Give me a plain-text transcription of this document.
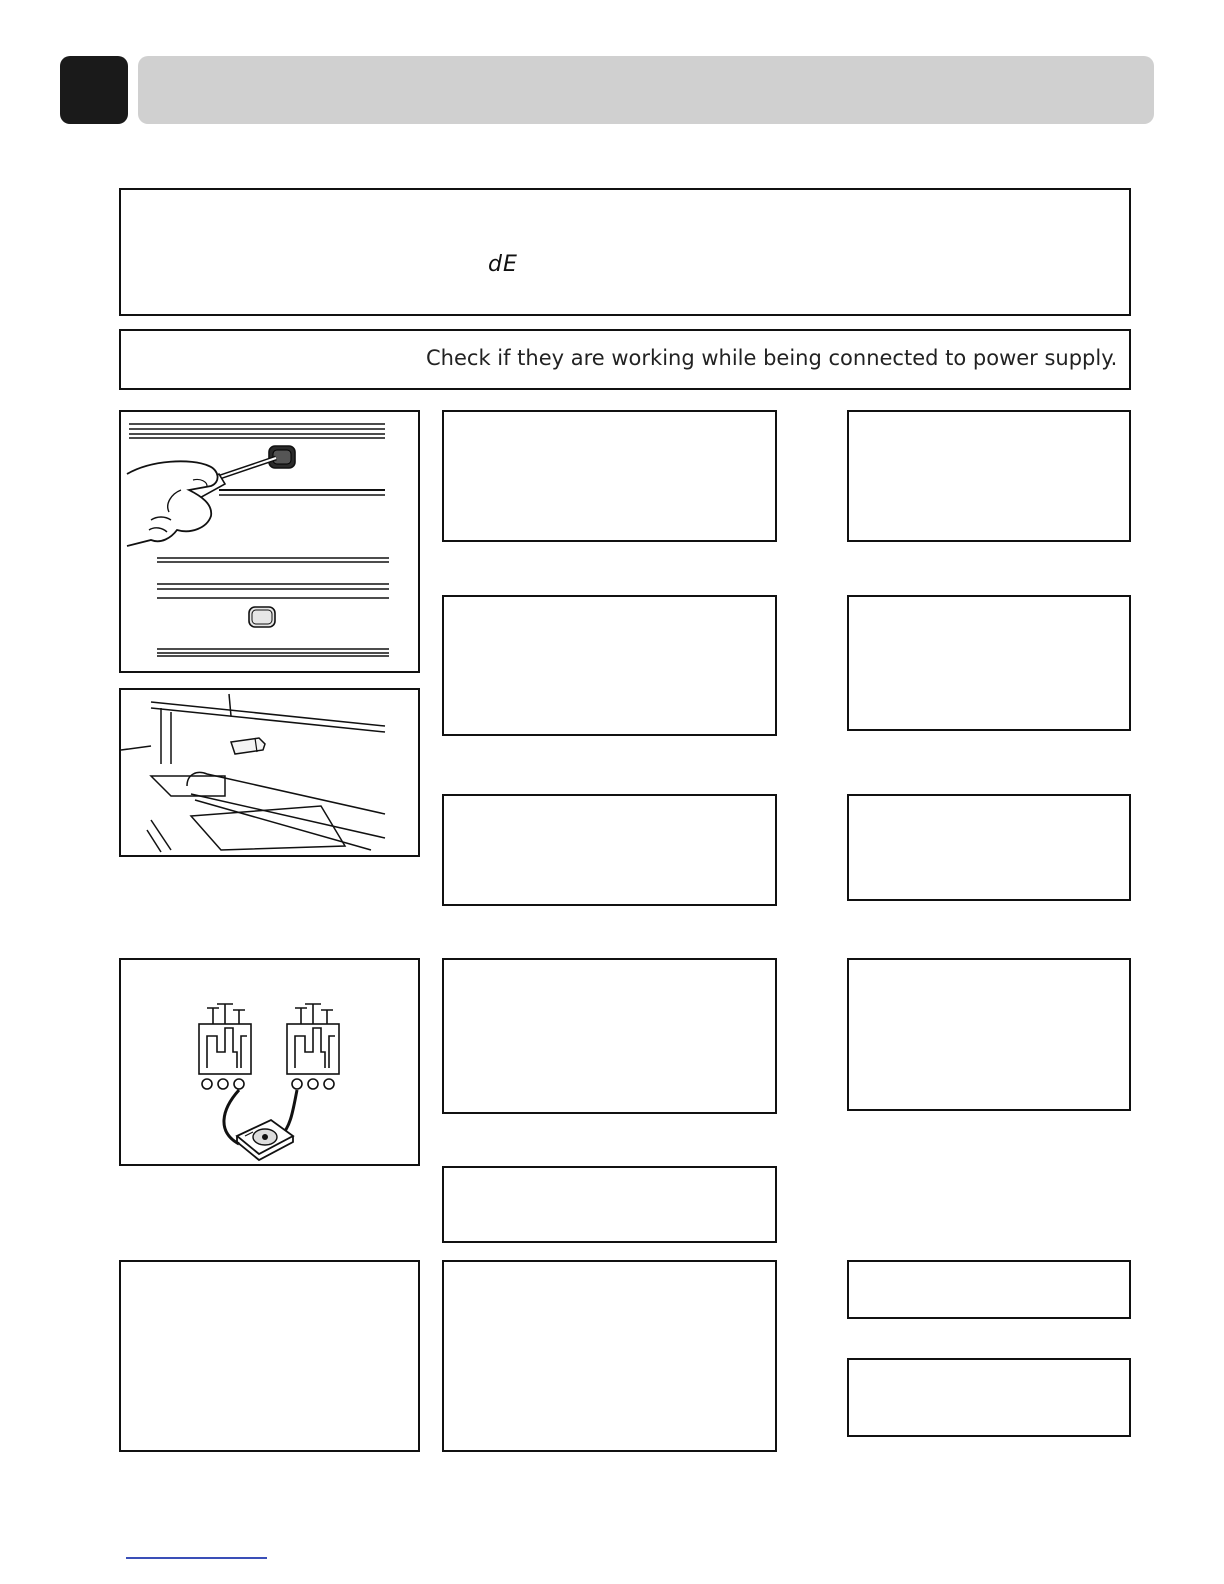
dE
Check if they are working while being connected to power supply.
